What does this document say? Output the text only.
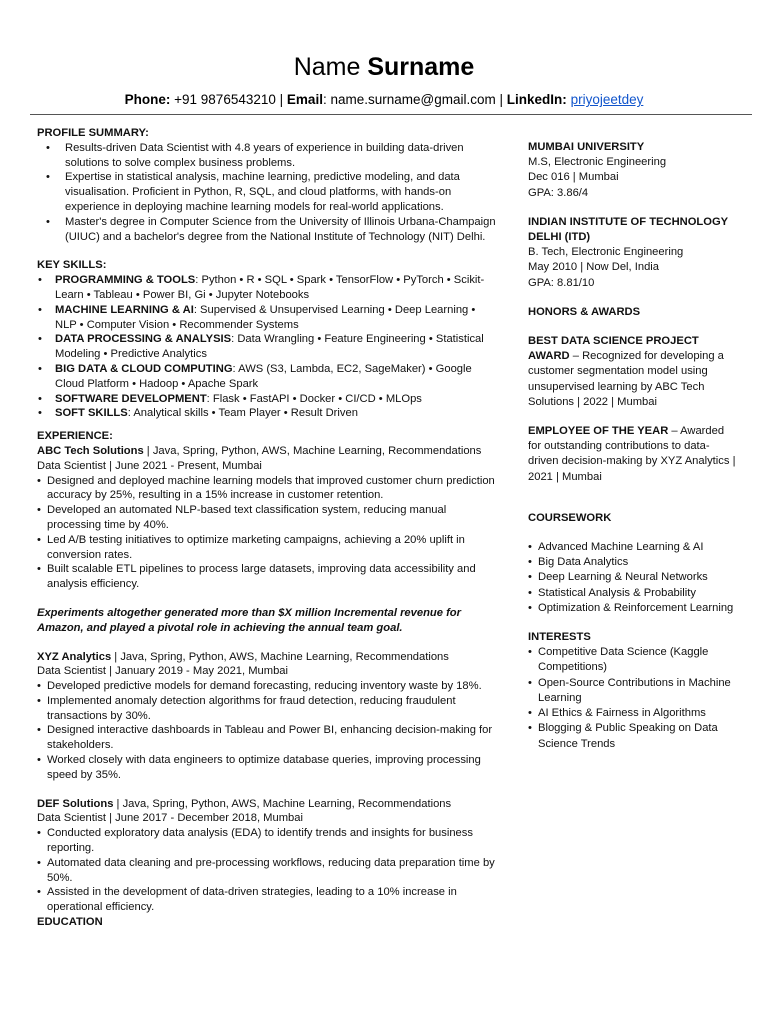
Name Surname
Phone: +91 9876543210 | Email: name.surname@gmail.com | LinkedIn: priyojeetdey

PROFILE SUMMARY:

• Results-driven Data Scientist with 4.8 years of experience in building data-driven solutions to solve complex business problems.
• Expertise in statistical analysis, machine learning, predictive modeling, and data visualisation. Proficient in Python, R, SQL, and cloud platforms, with hands-on experience in deploying machine learning models for real-world applications.
• Master's degree in Computer Science from the University of Illinois Urbana-Champaign (UIUC) and a bachelor's degree from the National Institute of Technology (NIT) Delhi.

KEY SKILLS:

• PROGRAMMING & TOOLS: Python • R • SQL • Spark • TensorFlow • PyTorch • Scikit-Learn • Tableau • Power BI, Gi • Jupyter Notebooks
• MACHINE LEARNING & AI: Supervised & Unsupervised Learning • Deep Learning • NLP • Computer Vision • Recommender Systems
• DATA PROCESSING & ANALYSIS: Data Wrangling • Feature Engineering • Statistical Modeling • Predictive Analytics
• BIG DATA & CLOUD COMPUTING: AWS (S3, Lambda, EC2, SageMaker) • Google Cloud Platform • Hadoop • Apache Spark
• SOFTWARE DEVELOPMENT: Flask • FastAPI • Docker • CI/CD • MLOps
• SOFT SKILLS: Analytical skills • Team Player • Result Driven

EXPERIENCE:

ABC Tech Solutions | Java, Spring, Python, AWS, Machine Learning, Recommendations
Data Scientist | June 2021 - Present, Mumbai
• Designed and deployed machine learning models that improved customer churn prediction accuracy by 25%, resulting in a 15% increase in customer retention.
• Developed an automated NLP-based text classification system, reducing manual processing time by 40%.
• Led A/B testing initiatives to optimize marketing campaigns, achieving a 20% uplift in conversion rates.
• Built scalable ETL pipelines to process large datasets, improving data accessibility and analysis efficiency.
Experiments altogether generated more than $X million Incremental revenue for Amazon, and played a pivotal role in achieving the annual team goal.
XYZ Analytics | Java, Spring, Python, AWS, Machine Learning, Recommendations
Data Scientist | January 2019 - May 2021, Mumbai
• Developed predictive models for demand forecasting, reducing inventory waste by 18%.
• Implemented anomaly detection algorithms for fraud detection, reducing fraudulent transactions by 30%.
• Designed interactive dashboards in Tableau and Power BI, enhancing decision-making for stakeholders.
• Worked closely with data engineers to optimize database queries, improving processing speed by 35%.
DEF Solutions | Java, Spring, Python, AWS, Machine Learning, Recommendations
Data Scientist | June 2017 - December 2018, Mumbai
• Conducted exploratory data analysis (EDA) to identify trends and insights for business reporting.
• Automated data cleaning and pre-processing workflows, reducing data preparation time by 50%.
• Assisted in the development of data-driven strategies, leading to a 10% increase in operational efficiency.

EDUCATION

MUMBAI UNIVERSITY

M.S, Electronic Engineering
Dec 016 | Mumbai
GPA: 3.86/4

INDIAN INSTITUTE OF TECHNOLOGY DELHI (ITD)

B. Tech, Electronic Engineering
May 2010 | Now Del, India
GPA: 8.81/10

HONORS & AWARDS

BEST DATA SCIENCE PROJECT AWARD – Recognized for developing a customer segmentation model using unsupervised learning by ABC Tech Solutions | 2022 | Mumbai
EMPLOYEE OF THE YEAR – Awarded for outstanding contributions to data-driven decision-making by XYZ Analytics | 2021 | Mumbai

COURSEWORK

• Advanced Machine Learning & AI
• Big Data Analytics
• Deep Learning & Neural Networks
• Statistical Analysis & Probability
• Optimization & Reinforcement Learning

INTERESTS

• Competitive Data Science (Kaggle Competitions)
• Open-Source Contributions in Machine Learning
• AI Ethics & Fairness in Algorithms
• Blogging & Public Speaking on Data Science Trends
